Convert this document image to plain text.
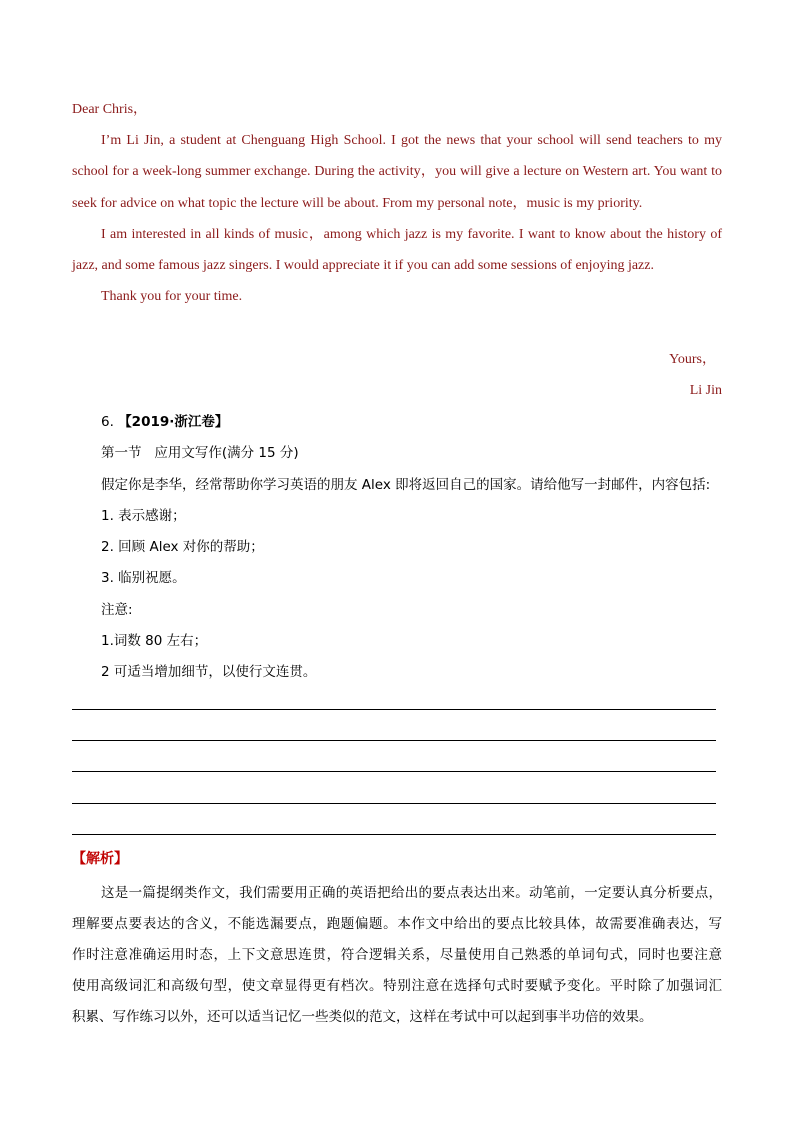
Dear Chris，
I’m Li Jin, a student at Chenguang High School. I got the news that your school will send teachers to my
school for a week-long summer exchange. During the activity，you will give a lecture on Western art. You want to
seek for advice on what topic the lecture will be about. From my personal note，music is my priority.
I am interested in all kinds of music，among which jazz is my favorite. I want to know about the history of
jazz, and some famous jazz singers. I would appreciate it if you can add some sessions of enjoying jazz.
Thank you for your time.
Yours，
Li Jin
6. 【2019·浙江卷】
第一节   应用文写作(满分 15 分)
假定你是李华，经常帮助你学习英语的朋友 Alex 即将返回自己的国家。请给他写一封邮件，内容包括:
1. 表示感谢；
2. 回顾 Alex 对你的帮助；
3. 临别祝愿。
注意:
1.词数 80 左右；
2 可适当增加细节，以使行文连贯。
【解析】
这是一篇提纲类作文，我们需要用正确的英语把给出的要点表达出来。动笔前，一定要认真分析要点，
理解要点要表达的含义，不能选漏要点，跑题偏题。本作文中给出的要点比较具体，故需要准确表达，写
作时注意准确运用时态，上下文意思连贯，符合逻辑关系，尽量使用自己熟悉的单词句式，同时也要注意
使用高级词汇和高级句型，使文章显得更有档次。特别注意在选择句式时要赋予变化。平时除了加强词汇
积累、写作练习以外，还可以适当记忆一些类似的范文，这样在考试中可以起到事半功倍的效果。
